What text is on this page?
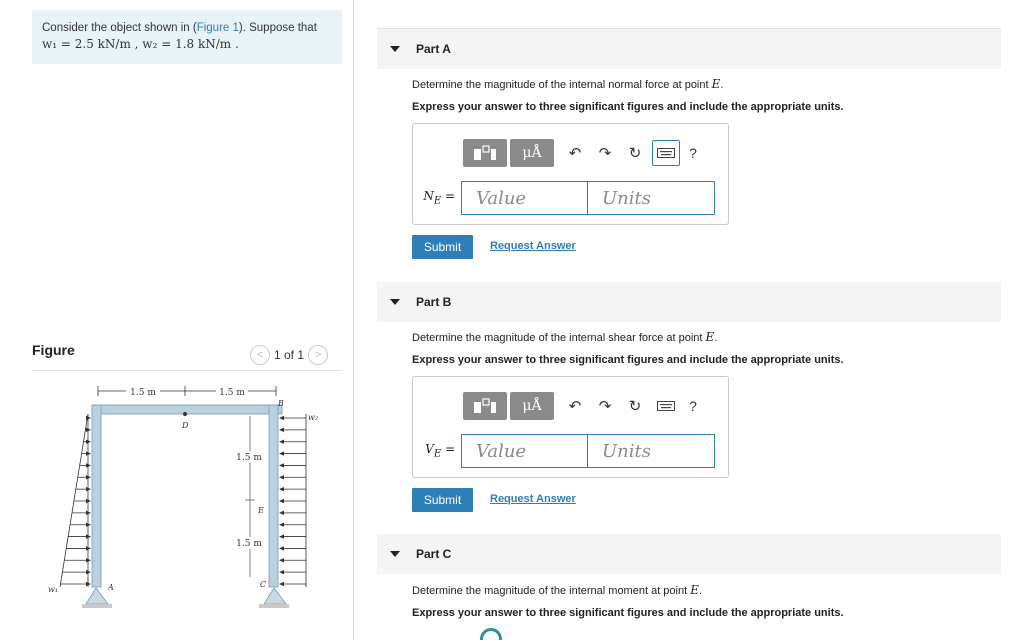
Consider the object shown in (Figure 1). Suppose that
w₁ = 2.5 kN/m , w₂ = 1.8 kN/m .
Figure	< 1 of 1 >
1.5 m	1.5 m
w₁
w₂
1.5 m
1.5 m
D
B
E
C
A
Part A
Determine the magnitude of the internal normal force at point E.
Express your answer to three significant figures and include the appropriate units.
μÅ	↶	↷	↻	?
$N_E$ =	Value	Units
Submit	Request Answer
Part B
Determine the magnitude of the internal shear force at point E.
Express your answer to three significant figures and include the appropriate units.
μÅ	↶	↷	↻	?
$V_E$ =	Value	Units
Submit	Request Answer
Part C
Determine the magnitude of the internal moment at point E.
Express your answer to three significant figures and include the appropriate units.
